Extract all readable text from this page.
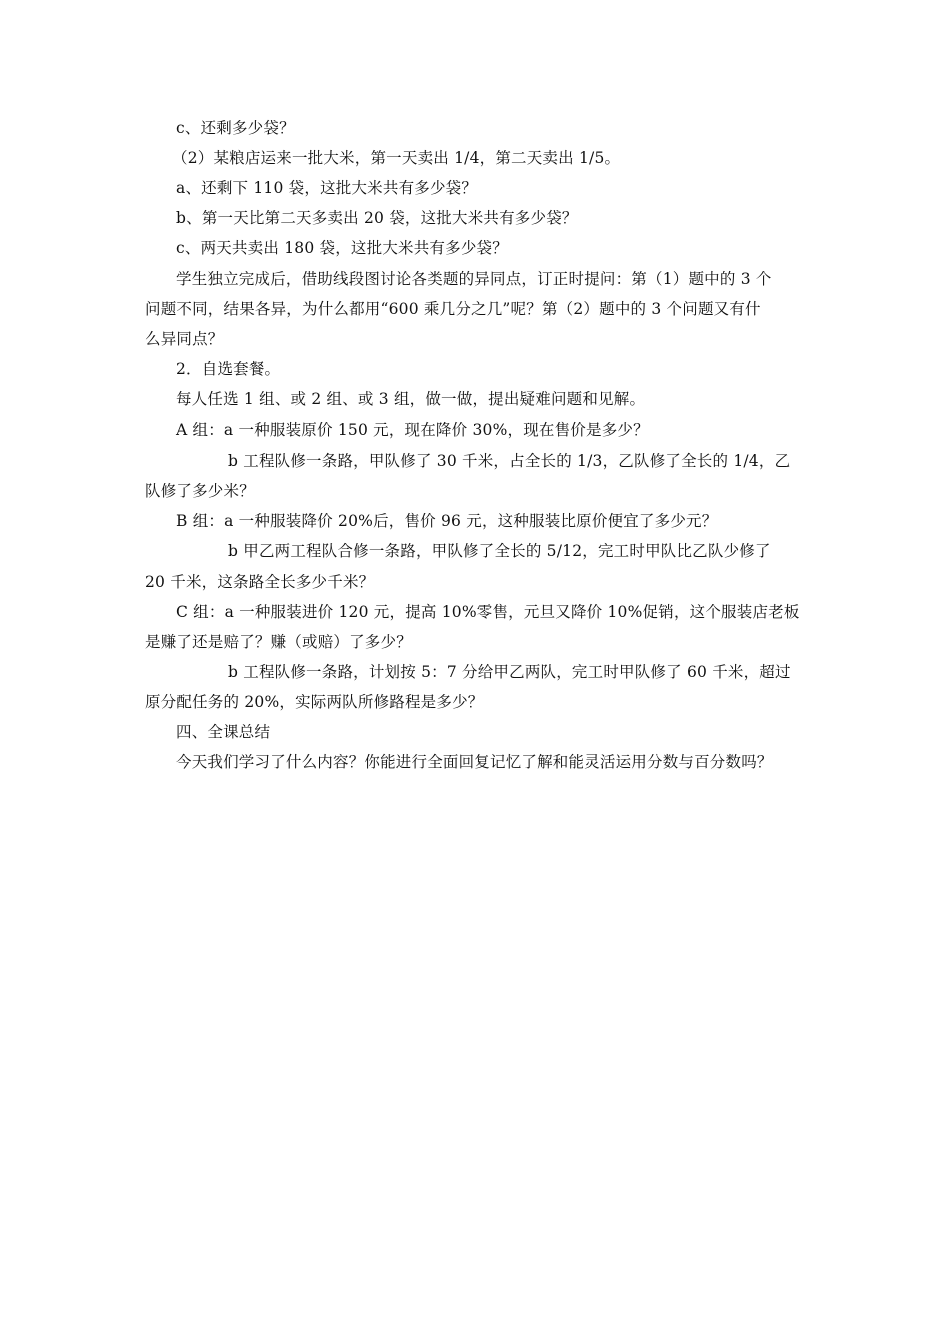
c、还剩多少袋？
（2）某粮店运来一批大米，第一天卖出 1/4，第二天卖出 1/5。
a、还剩下 110 袋，这批大米共有多少袋？
b、第一天比第二天多卖出 20 袋，这批大米共有多少袋？
c、两天共卖出 180 袋，这批大米共有多少袋？
学生独立完成后，借助线段图讨论各类题的异同点，订正时提问：第（1）题中的 3 个
问题不同，结果各异，为什么都用“600 乘几分之几”呢？第（2）题中的 3 个问题又有什
么异同点？
2．自选套餐。
每人任选 1 组、或 2 组、或 3 组，做一做，提出疑难问题和见解。
A 组：a 一种服装原价 150 元，现在降价 30%，现在售价是多少？
b 工程队修一条路，甲队修了 30 千米，占全长的 1/3，乙队修了全长的 1/4，乙
队修了多少米？
B 组：a 一种服装降价 20%后，售价 96 元，这种服装比原价便宜了多少元？
b 甲乙两工程队合修一条路，甲队修了全长的 5/12，完工时甲队比乙队少修了
20 千米，这条路全长多少千米？
C 组：a 一种服装进价 120 元，提高 10%零售，元旦又降价 10%促销，这个服装店老板
是赚了还是赔了？赚（或赔）了多少？
b 工程队修一条路，计划按 5：7 分给甲乙两队，完工时甲队修了 60 千米，超过
原分配任务的 20%，实际两队所修路程是多少？
四、全课总结
今天我们学习了什么内容？你能进行全面回复记忆了解和能灵活运用分数与百分数吗？
